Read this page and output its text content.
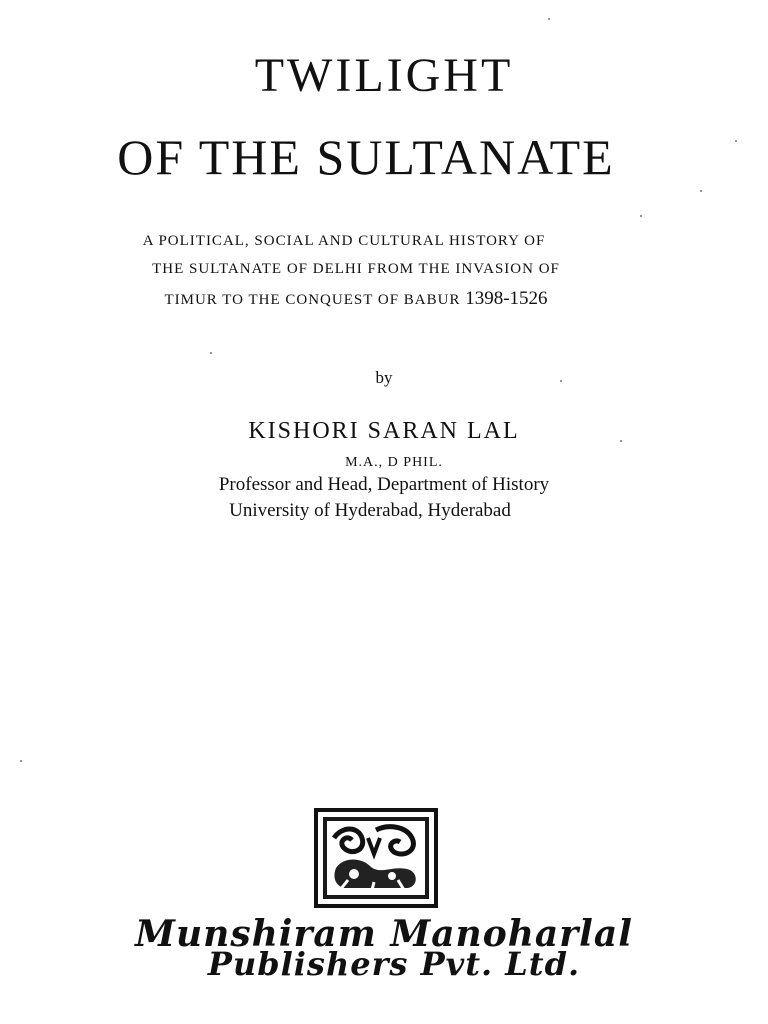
TWILIGHT
OF THE SULTANATE
A POLITICAL, SOCIAL AND CULTURAL HISTORY OF
THE SULTANATE OF DELHI FROM THE INVASION OF
TIMUR TO THE CONQUEST OF BABUR 1398-1526
by
KISHORI SARAN LAL
M.A., D PHIL.
Professor and Head, Department of History
University of Hyderabad, Hyderabad
Munshiram Manoharlal
Publishers Pvt. Ltd.
